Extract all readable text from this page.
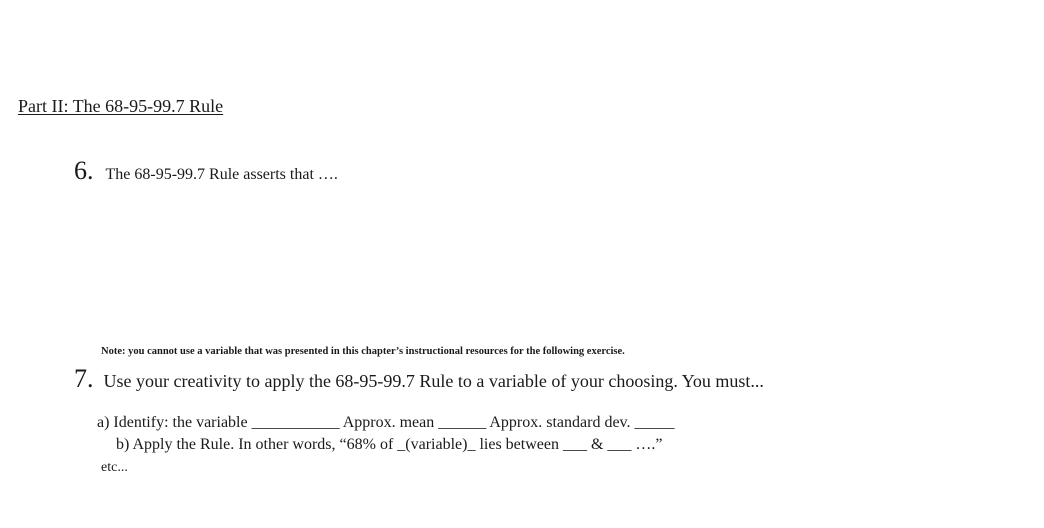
Part II: The 68-95-99.7 Rule
6. The 68-95-99.7 Rule asserts that ….
Note: you cannot use a variable that was presented in this chapter’s instructional resources for the following exercise.
7. Use your creativity to apply the 68-95-99.7 Rule to a variable of your choosing. You must...
a) Identify: the variable ___________ Approx. mean ______ Approx. standard dev. _____
b) Apply the Rule. In other words, “68% of _(variable)_ lies between ___ & ___ ….”
etc...
